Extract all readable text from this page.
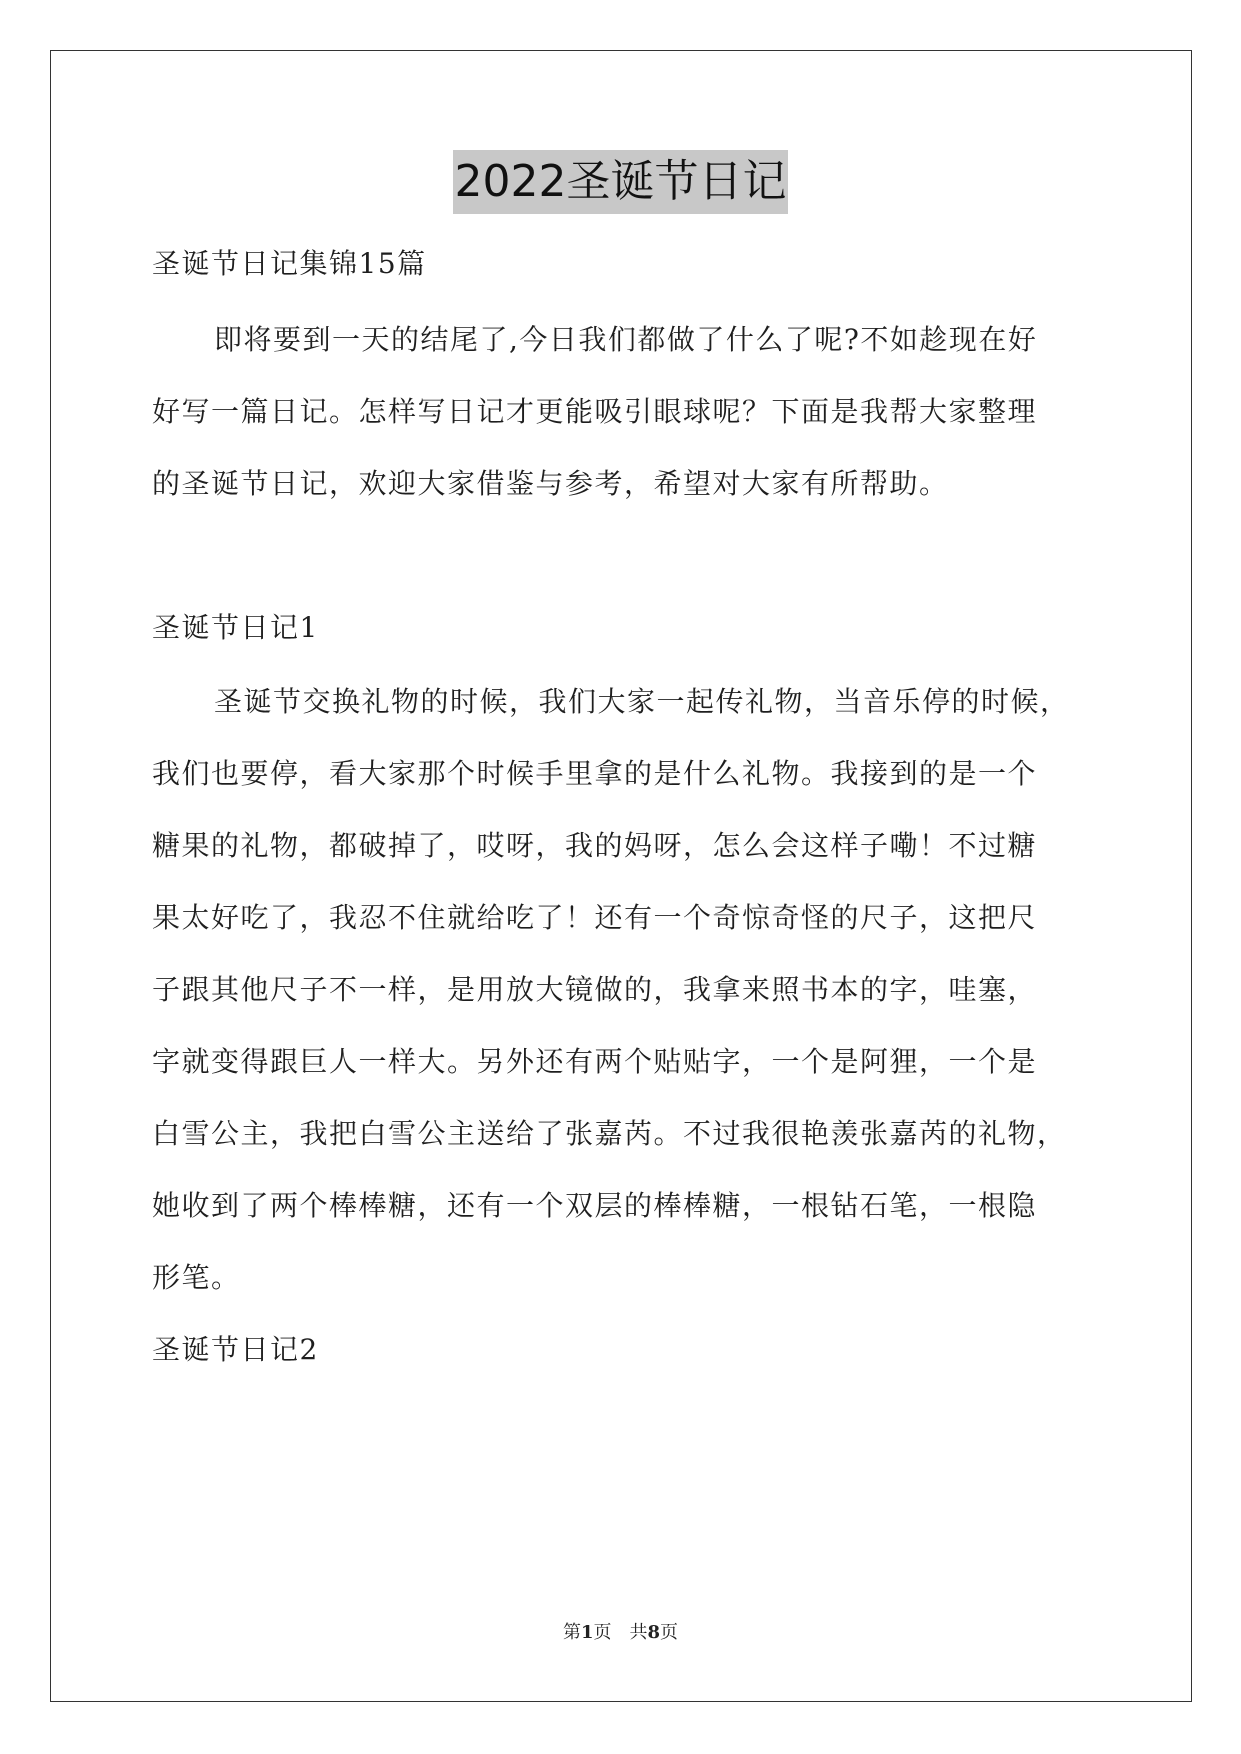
2022圣诞节日记
圣诞节日记集锦15篇
即将要到一天的结尾了,今日我们都做了什么了呢?不如趁现在好
好写一篇日记。怎样写日记才更能吸引眼球呢？下面是我帮大家整理
的圣诞节日记，欢迎大家借鉴与参考，希望对大家有所帮助。
圣诞节日记1
圣诞节交换礼物的时候，我们大家一起传礼物，当音乐停的时候，
我们也要停，看大家那个时候手里拿的是什么礼物。我接到的是一个
糖果的礼物，都破掉了，哎呀，我的妈呀，怎么会这样子嘞！不过糖
果太好吃了，我忍不住就给吃了！还有一个奇惊奇怪的尺子，这把尺
子跟其他尺子不一样，是用放大镜做的，我拿来照书本的字，哇塞，
字就变得跟巨人一样大。另外还有两个贴贴字，一个是阿狸，一个是
白雪公主，我把白雪公主送给了张嘉芮。不过我很艳羡张嘉芮的礼物，
她收到了两个棒棒糖，还有一个双层的棒棒糖，一根钻石笔，一根隐
形笔。
圣诞节日记2
第1页 共8页
